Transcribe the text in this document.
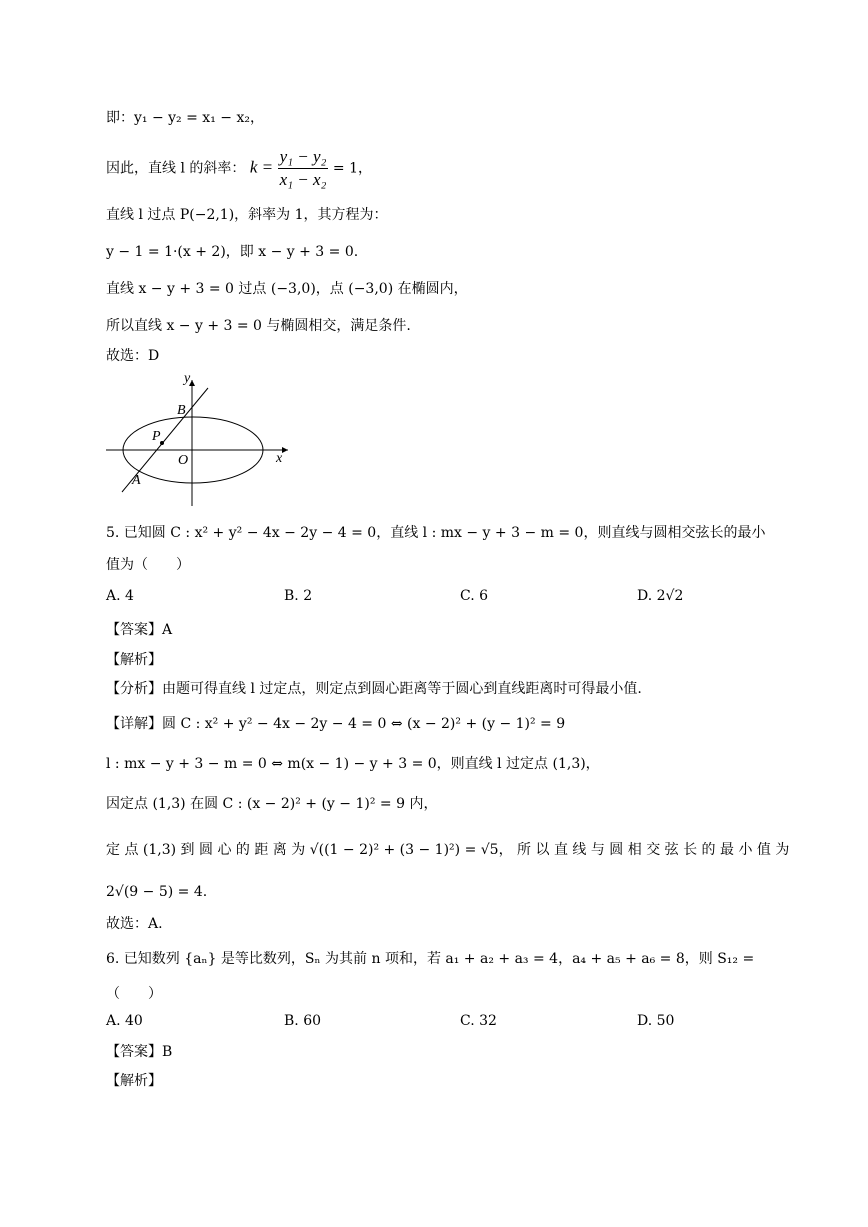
即：y₁ − y₂ = x₁ − x₂，
因此，直线 l 的斜率： $k = \frac{\text{y₁ − y₂}}{\text{x₁ − x₂}} = 1$，
直线 l 过点 P(−2,1)，斜率为 1，其方程为：
y − 1 = 1·(x + 2)，即 x − y + 3 = 0.
直线 x − y + 3 = 0 过点 (−3,0)，点 (−3,0) 在椭圆内，
所以直线 x − y + 3 = 0 与椭圆相交，满足条件.
故选：D
y
x
B
P
O
A
5. 已知圆 C : x² + y² − 4x − 2y − 4 = 0，直线 l : mx − y + 3 − m = 0，则直线与圆相交弦长的最小
值为（　　）
A. 4	B. 2	C. 6	D. 2√2
【答案】A
【解析】
【分析】由题可得直线 l 过定点，则定点到圆心距离等于圆心到直线距离时可得最小值.
【详解】圆 C : x² + y² − 4x − 2y − 4 = 0 ⇔ (x − 2)² + (y − 1)² = 9
l : mx − y + 3 − m = 0 ⇔ m(x − 1) − y + 3 = 0，则直线 l 过定点 (1,3)，
因定点 (1,3) 在圆 C : (x − 2)² + (y − 1)² = 9 内，
定 点 (1,3) 到 圆 心 的 距 离 为 √((1 − 2)² + (3 − 1)²) = √5， 所 以 直 线 与 圆 相 交 弦 长 的 最 小 值 为
2√(9 − 5) = 4.
故选：A.
6. 已知数列 {aₙ} 是等比数列，Sₙ 为其前 n 项和，若 a₁ + a₂ + a₃ = 4，a₄ + a₅ + a₆ = 8，则 S₁₂ =
（　　）
A. 40	B. 60	C. 32	D. 50
【答案】B
【解析】
